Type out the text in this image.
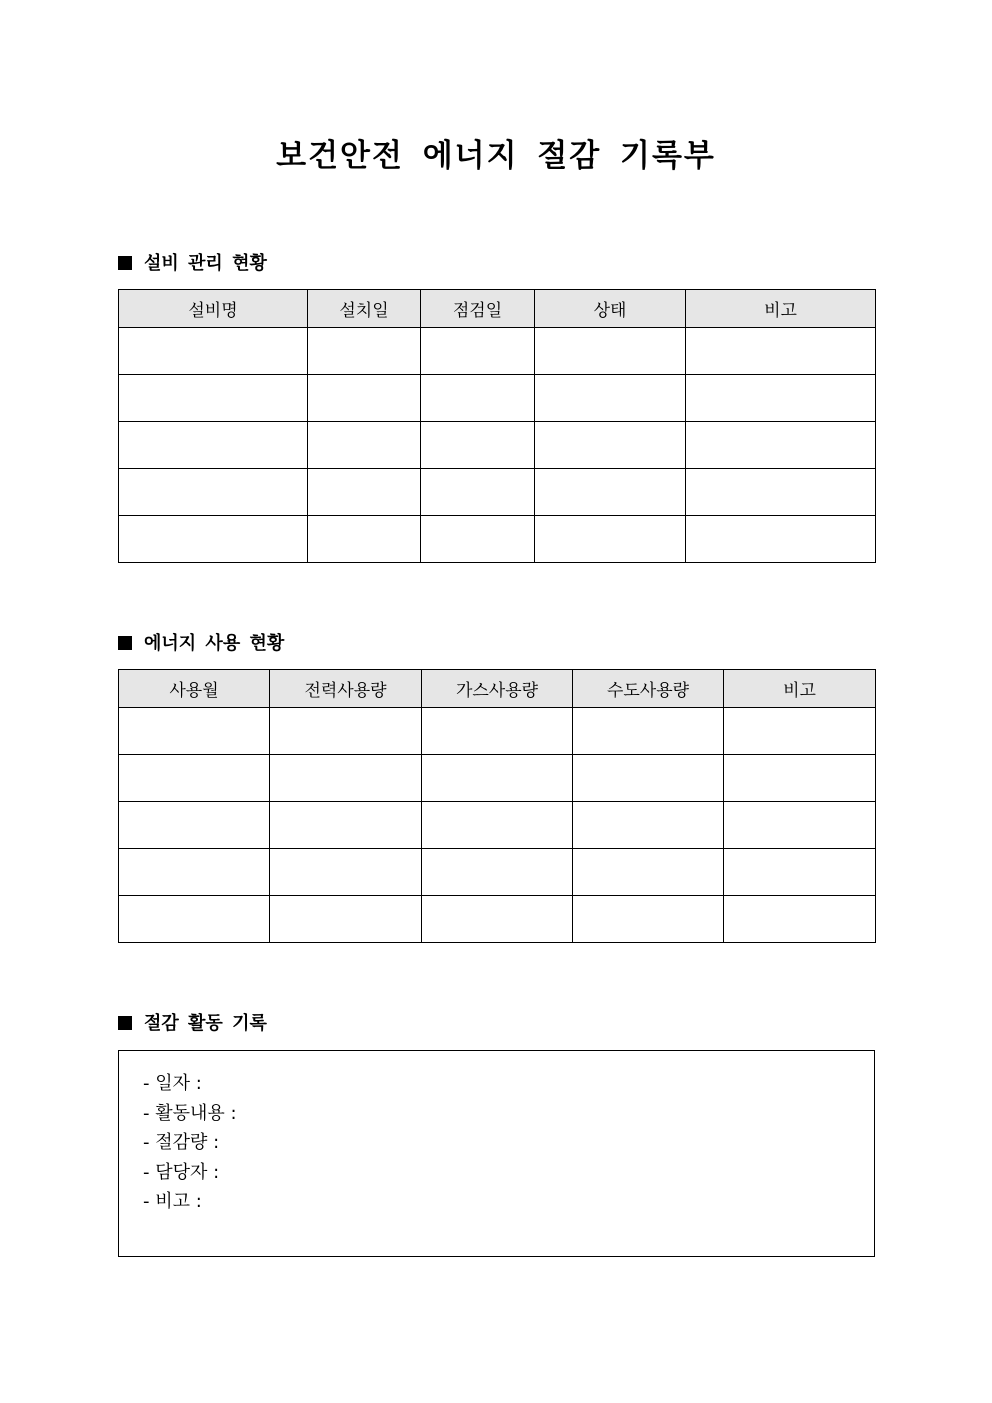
보건안전 에너지 절감 기록부
설비 관리 현황
설비명	설치일	점검일	상태	비고

에너지 사용 현황
사용월	전력사용량	가스사용량	수도사용량	비고

절감 활동 기록
- 일자 :
- 활동내용 :
- 절감량 :
- 담당자 :
- 비고 :
